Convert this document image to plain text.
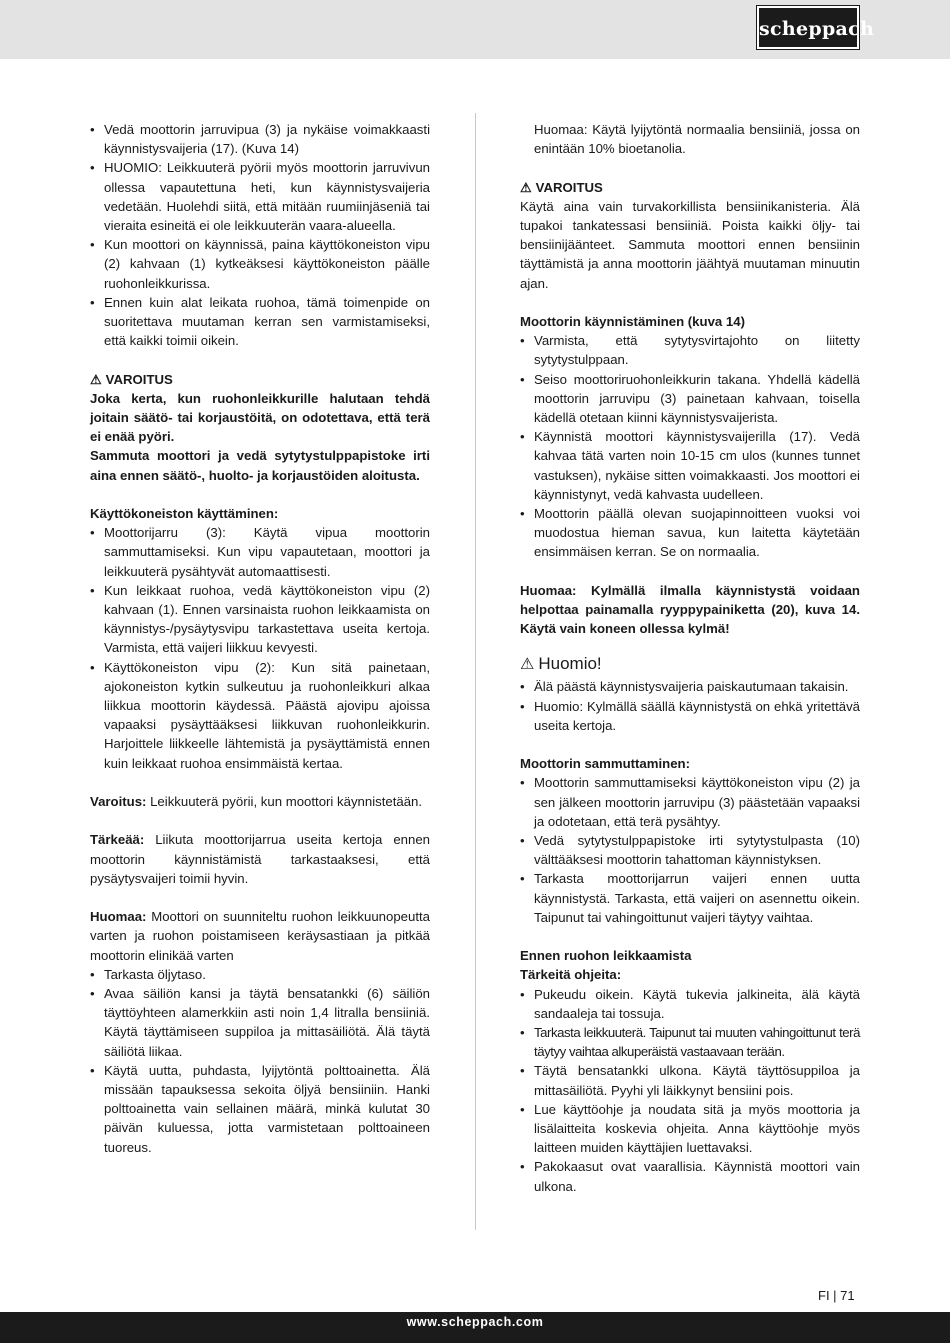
scheppach
• Vedä moottorin jarruvipua (3) ja nykäise voimakkaasti käynnistysvaijeria (17). (Kuva 14)
• HUOMIO: Leikkuuterä pyörii myös moottorin jarruvivun ollessa vapautettuna heti, kun käynnistysvaijeria vedetään. Huolehdi siitä, että mitään ruumiinjäseniä tai vieraita esineitä ei ole leikkuuterän vaara-alueella.
• Kun moottori on käynnissä, paina käyttökoneiston vipu (2) kahvaan (1) kytkeäksesi käyttökoneiston päälle ruohonleikkurissa.
• Ennen kuin alat leikata ruohoa, tämä toimenpide on suoritettava muutaman kerran sen varmistamiseksi, että kaikki toimii oikein.

⚠ VAROITUS

Joka kerta, kun ruohonleikkurille halutaan tehdä joitain säätö- tai korjaustöitä, on odotettava, että terä ei enää pyöri.

Sammuta moottori ja vedä sytytystulppapistoke irti aina ennen säätö-, huolto- ja korjaustöiden aloitusta.

Käyttökoneiston käyttäminen:

• Moottorijarru (3): Käytä vipua moottorin sammuttamiseksi. Kun vipu vapautetaan, moottori ja leikkuuterä pysähtyvät automaattisesti.
• Kun leikkaat ruohoa, vedä käyttökoneiston vipu (2) kahvaan (1). Ennen varsinaista ruohon leikkaamista on käynnistys-/pysäytysvipu tarkastettava useita kertoja. Varmista, että vaijeri liikkuu kevyesti.
• Käyttökoneiston vipu (2): Kun sitä painetaan, ajokoneiston kytkin sulkeutuu ja ruohonleikkuri alkaa liikkua moottorin käydessä. Päästä ajovipu ajoissa vapaaksi pysäyttääksesi liikkuvan ruohonleikkurin. Harjoittele liikkeelle lähtemistä ja pysäyttämistä ennen kuin leikkaat ruohoa ensimmäistä kertaa.

Varoitus: Leikkuuterä pyörii, kun moottori käynnistetään.

Tärkeää: Liikuta moottorijarrua useita kertoja ennen moottorin käynnistämistä tarkastaaksesi, että pysäytysvaijeri toimii hyvin.

Huomaa: Moottori on suunniteltu ruohon leikkuunopeutta varten ja ruohon poistamiseen keräysastiaan ja pitkää moottorin elinikää varten

• Tarkasta öljytaso.
• Avaa säiliön kansi ja täytä bensatankki (6) säiliön täyttöyhteen alamerkkiin asti noin 1,4 litralla bensiiniä. Käytä täyttämiseen suppiloa ja mittasäiliötä. Älä täytä säiliötä liikaa.
• Käytä uutta, puhdasta, lyijytöntä polttoainetta. Älä missään tapauksessa sekoita öljyä bensiiniin. Hanki polttoainetta vain sellainen määrä, minkä kulutat 30 päivän kuluessa, jotta varmistetaan polttoaineen tuoreus.

Huomaa: Käytä lyijytöntä normaalia bensiiniä, jossa on enintään 10% bioetanolia.

⚠ VAROITUS

Käytä aina vain turvakorkillista bensiinikanisteria. Älä tupakoi tankatessasi bensiiniä. Poista kaikki öljy- tai bensiinijäänteet. Sammuta moottori ennen bensiinin täyttämistä ja anna moottorin jäähtyä muutaman minuutin ajan.

Moottorin käynnistäminen (kuva 14)

• Varmista, että sytytysvirtajohto on liitetty sytytystulppaan.
• Seiso moottoriruohonleikkurin takana. Yhdellä kädellä moottorin jarruvipu (3) painetaan kahvaan, toisella kädellä otetaan kiinni käynnistysvaijerista.
• Käynnistä moottori käynnistysvaijerilla (17). Vedä kahvaa tätä varten noin 10-15 cm ulos (kunnes tunnet vastuksen), nykäise sitten voimakkaasti. Jos moottori ei käynnistynyt, vedä kahvasta uudelleen.
• Moottorin päällä olevan suojapinnoitteen vuoksi voi muodostua hieman savua, kun laitetta käytetään ensimmäisen kerran. Se on normaalia.

Huomaa: Kylmällä ilmalla käynnistystä voidaan helpottaa painamalla ryyppypainiketta (20), kuva 14. Käytä vain koneen ollessa kylmä!

⚠ Huomio!

• Älä päästä käynnistysvaijeria paiskautumaan takaisin.
• Huomio: Kylmällä säällä käynnistystä on ehkä yritettävä useita kertoja.

Moottorin sammuttaminen:

• Moottorin sammuttamiseksi käyttökoneiston vipu (2) ja sen jälkeen moottorin jarruvipu (3) päästetään vapaaksi ja odotetaan, että terä pysähtyy.
• Vedä sytytystulppapistoke irti sytytystulpasta (10) välttääksesi moottorin tahattoman käynnistyksen.
• Tarkasta moottorijarrun vaijeri ennen uutta käynnistystä. Tarkasta, että vaijeri on asennettu oikein. Taipunut tai vahingoittunut vaijeri täytyy vaihtaa.

Ennen ruohon leikkaamista

Tärkeitä ohjeita:

• Pukeudu oikein. Käytä tukevia jalkineita, älä käytä sandaaleja tai tossuja.
• Tarkasta leikkuuterä. Taipunut tai muuten vahingoittunut terä täytyy vaihtaa alkuperäistä vastaavaan terään.
• Täytä bensatankki ulkona. Käytä täyttösuppiloa ja mittasäiliötä. Pyyhi yli läikkynyt bensiini pois.
• Lue käyttöohje ja noudata sitä ja myös moottoria ja lisälaitteita koskevia ohjeita. Anna käyttöohje myös laitteen muiden käyttäjien luettavaksi.
• Pakokaasut ovat vaarallisia. Käynnistä moottori vain ulkona.
FI | 71
www.scheppach.com
